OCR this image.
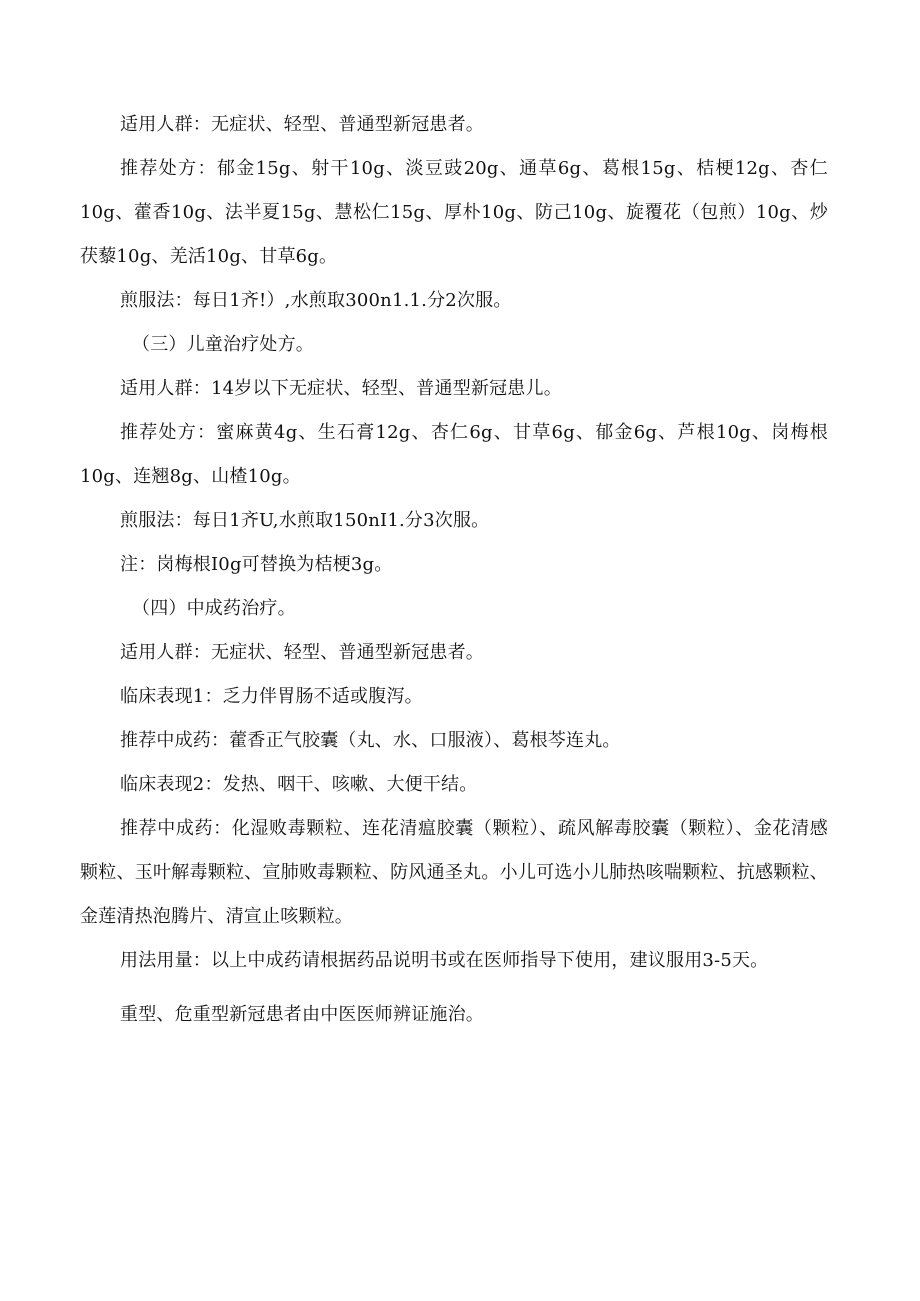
适用人群：无症状、轻型、普通型新冠患者。

推荐处方：郁金15g、射干10g、淡豆豉20g、通草6g、葛根15g、桔梗12g、杏仁10g、藿香10g、法半夏15g、慧松仁15g、厚朴10g、防己10g、旋覆花（包煎）10g、炒茯藜10g、羌活10g、甘草6g。

煎服法：每日1齐!）,水煎取300n1.1.分2次服。

（三）儿童治疗处方。

适用人群：14岁以下无症状、轻型、普通型新冠患儿。

推荐处方：蜜麻黄4g、生石膏12g、杏仁6g、甘草6g、郁金6g、芦根10g、岗梅根10g、连翘8g、山楂10g。

煎服法：每日1齐U,水煎取150nI1.分3次服。

注：岗梅根I0g可替换为桔梗3g。

（四）中成药治疗。

适用人群：无症状、轻型、普通型新冠患者。

临床表现1：乏力伴胃肠不适或腹泻。

推荐中成药：藿香正气胶囊（丸、水、口服液）、葛根芩连丸。

临床表现2：发热、咽干、咳嗽、大便干结。

推荐中成药：化湿败毒颗粒、连花清瘟胶囊（颗粒）、疏风解毒胶囊（颗粒）、金花清感颗粒、玉叶解毒颗粒、宣肺败毒颗粒、防风通圣丸。小儿可选小儿肺热咳喘颗粒、抗感颗粒、金莲清热泡腾片、清宣止咳颗粒。

用法用量：以上中成药请根据药品说明书或在医师指导下使用，建议服用3-5天。

重型、危重型新冠患者由中医医师辨证施治。
